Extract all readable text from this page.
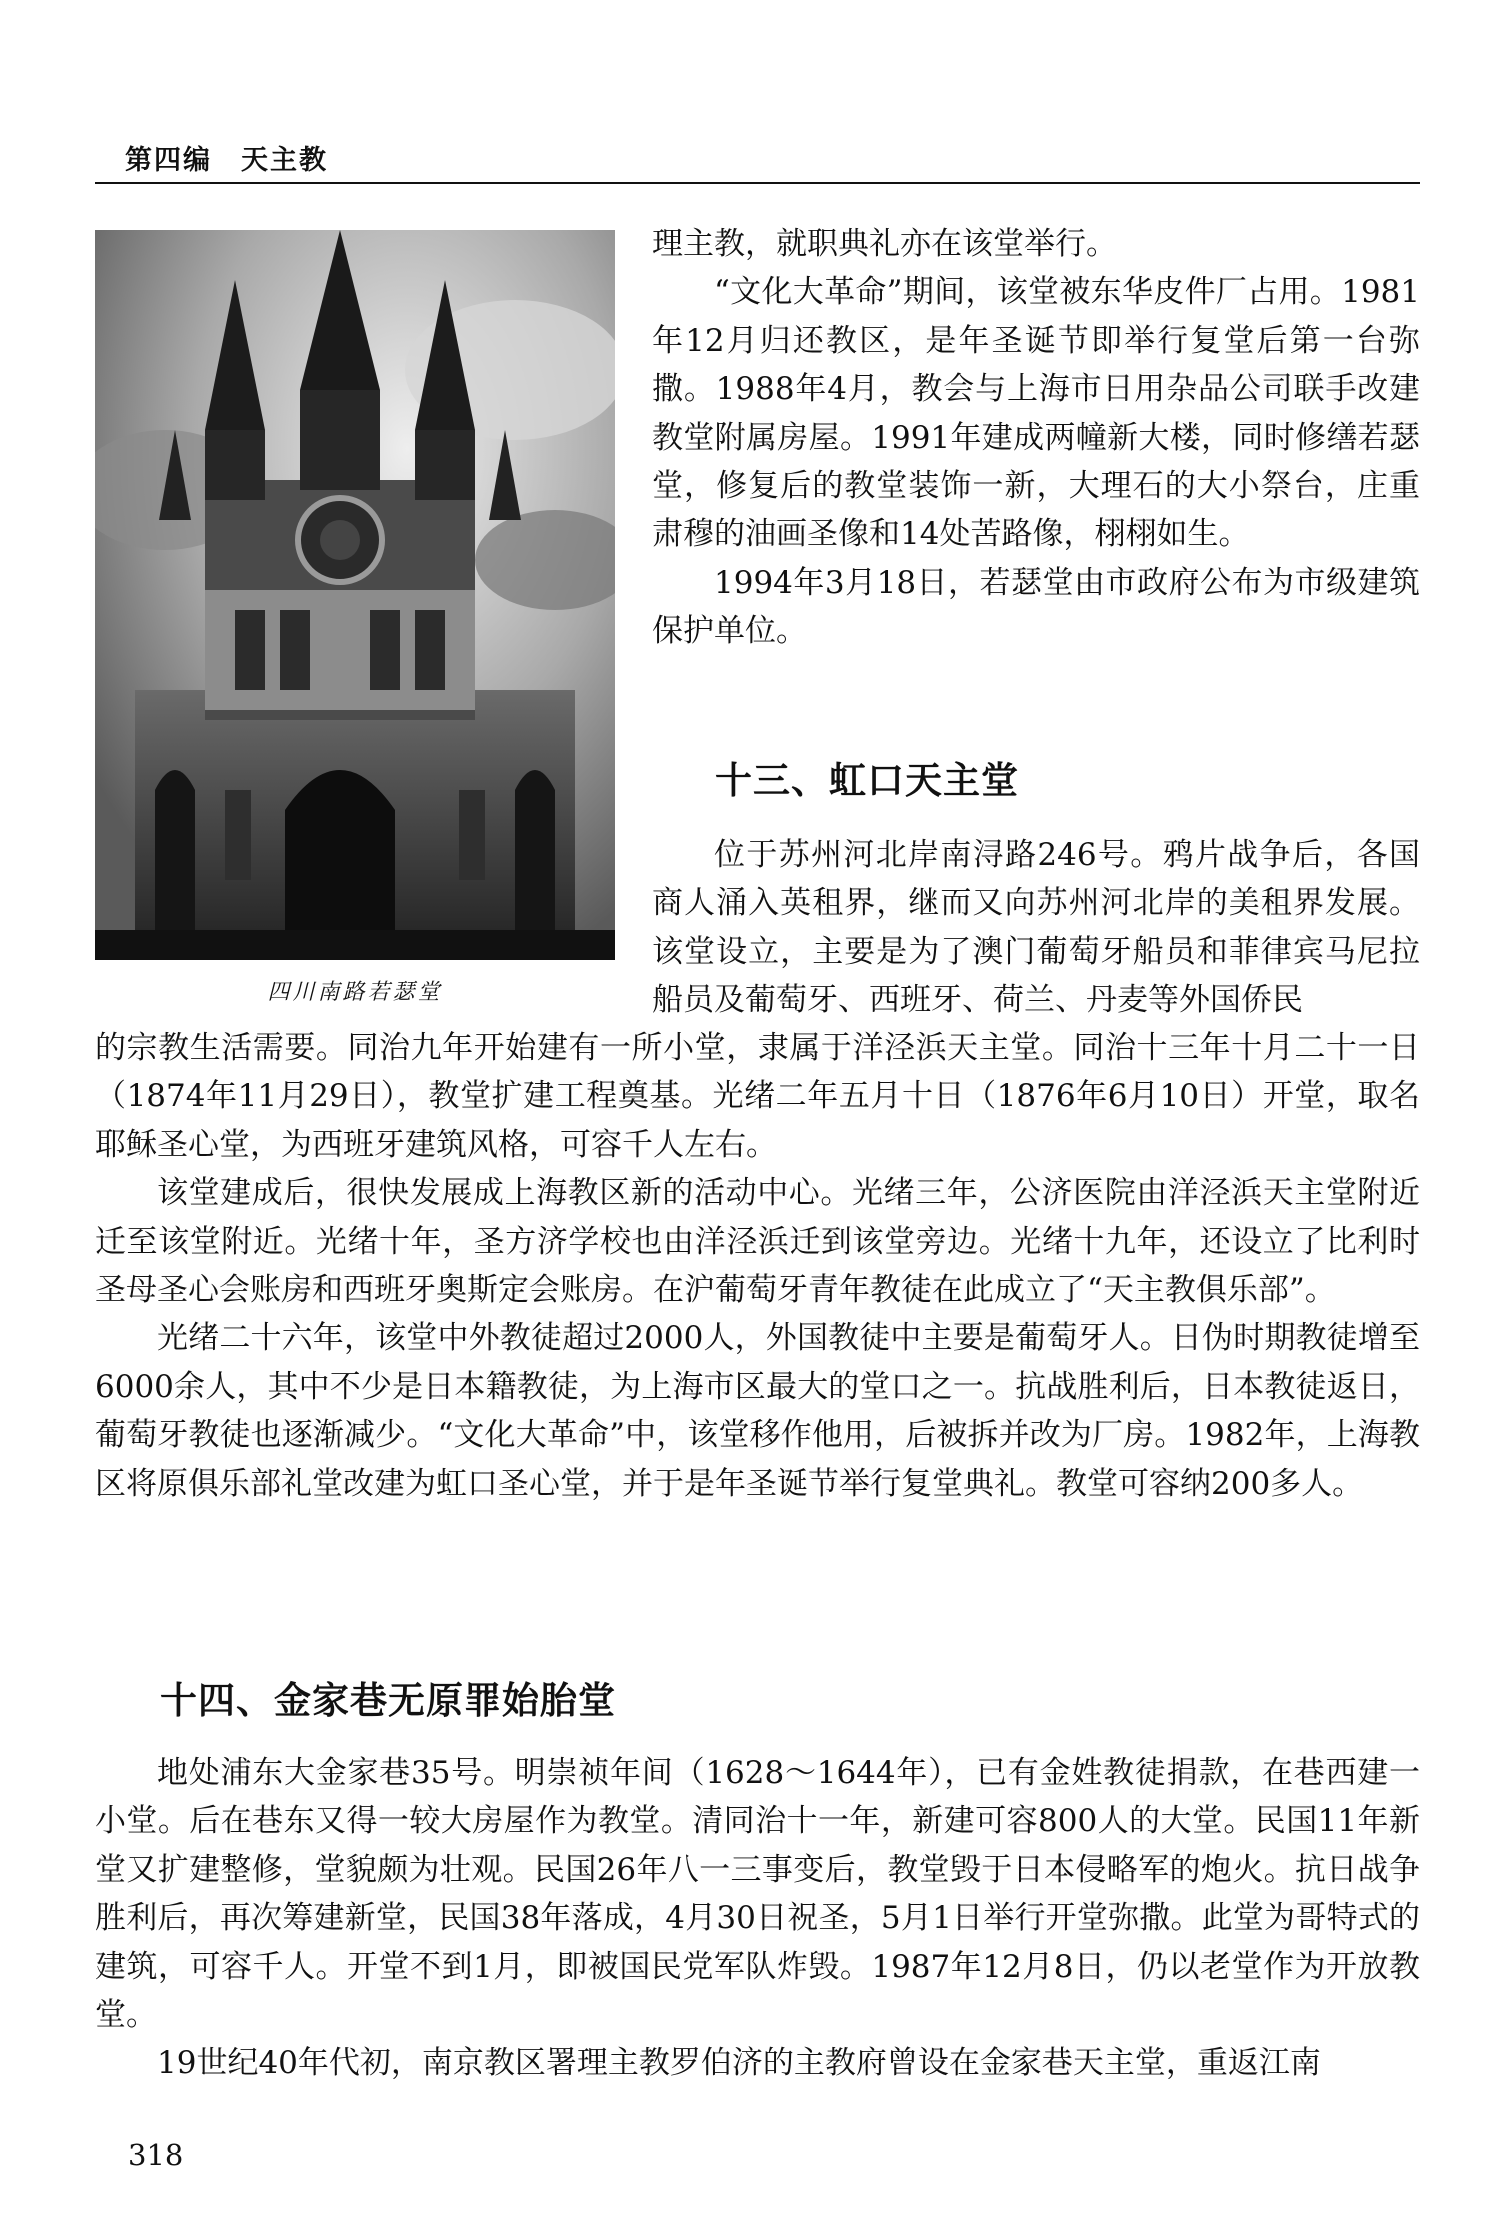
第四编　天主教
四川南路若瑟堂

理主教，就职典礼亦在该堂举行。

“文化大革命”期间，该堂被东华皮件厂占用。1981年12月归还教区，是年圣诞节即举行复堂后第一台弥撒。1988年4月，教会与上海市日用杂品公司联手改建教堂附属房屋。1991年建成两幢新大楼，同时修缮若瑟堂，修复后的教堂装饰一新，大理石的大小祭台，庄重肃穆的油画圣像和14处苦路像，栩栩如生。

1994年3月18日，若瑟堂由市政府公布为市级建筑保护单位。

十三、虹口天主堂

位于苏州河北岸南浔路246号。鸦片战争后，各国商人涌入英租界，继而又向苏州河北岸的美租界发展。该堂设立，主要是为了澳门葡萄牙船员和菲律宾马尼拉船员及葡萄牙、西班牙、荷兰、丹麦等外国侨民

的宗教生活需要。同治九年开始建有一所小堂，隶属于洋泾浜天主堂。同治十三年十月二十一日（1874年11月29日），教堂扩建工程奠基。光绪二年五月十日（1876年6月10日）开堂，取名耶稣圣心堂，为西班牙建筑风格，可容千人左右。

该堂建成后，很快发展成上海教区新的活动中心。光绪三年，公济医院由洋泾浜天主堂附近迁至该堂附近。光绪十年，圣方济学校也由洋泾浜迁到该堂旁边。光绪十九年，还设立了比利时圣母圣心会账房和西班牙奥斯定会账房。在沪葡萄牙青年教徒在此成立了“天主教俱乐部”。

光绪二十六年，该堂中外教徒超过2000人，外国教徒中主要是葡萄牙人。日伪时期教徒增至6000余人，其中不少是日本籍教徒，为上海市区最大的堂口之一。抗战胜利后，日本教徒返日，葡萄牙教徒也逐渐减少。“文化大革命”中，该堂移作他用，后被拆并改为厂房。1982年，上海教区将原俱乐部礼堂改建为虹口圣心堂，并于是年圣诞节举行复堂典礼。教堂可容纳200多人。

十四、金家巷无原罪始胎堂

地处浦东大金家巷35号。明崇祯年间（1628～1644年），已有金姓教徒捐款，在巷西建一小堂。后在巷东又得一较大房屋作为教堂。清同治十一年，新建可容800人的大堂。民国11年新堂又扩建整修，堂貌颇为壮观。民国26年八一三事变后，教堂毁于日本侵略军的炮火。抗日战争胜利后，再次筹建新堂，民国38年落成，4月30日祝圣，5月1日举行开堂弥撒。此堂为哥特式的建筑，可容千人。开堂不到1月，即被国民党军队炸毁。1987年12月8日，仍以老堂作为开放教堂。

19世纪40年代初，南京教区署理主教罗伯济的主教府曾设在金家巷天主堂，重返江南

318
